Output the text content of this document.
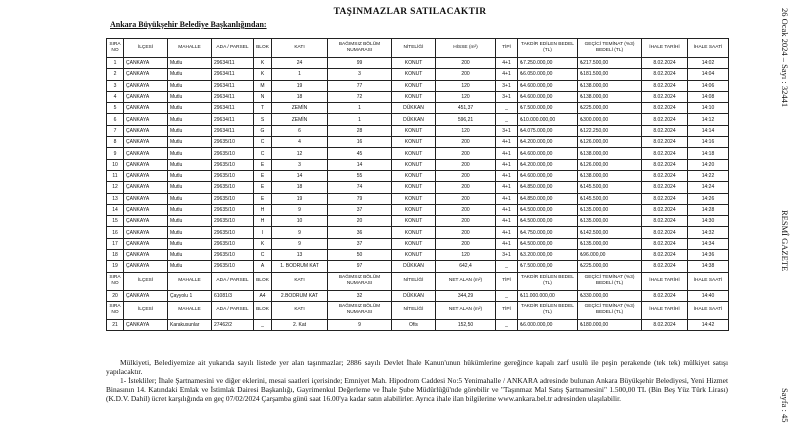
TAŞINMAZLAR SATILACAKTIR
Ankara Büyükşehir Belediye Başkanlığından:
SIRA NO	İLÇESİ	MAHALLE	ADA / PARSEL	BLOK	KATI	BAĞIMSIZ BÖLÜM NUMARASI	NİTELİĞİ	HİSSE (m²)	TİPİ	TAKDİR EDİLEN BEDEL (TL)	GEÇİCİ TEMİNAT (%3) BEDELİ (TL)	İHALE TARİHİ	İHALE SAATİ
1	ÇANKAYA	Mutlu	29634/11	K	24	99	KONUT	200	4+1	₺7.250.000,00	₺217.500,00	8.02.2024	14:02
2	ÇANKAYA	Mutlu	29634/11	K	1	3	KONUT	200	4+1	₺6.050.000,00	₺181.500,00	8.02.2024	14:04
3	ÇANKAYA	Mutlu	29634/11	M	19	77	KONUT	120	3+1	₺4.600.000,00	₺138.000,00	8.02.2024	14:06
4	ÇANKAYA	Mutlu	29634/11	N	18	72	KONUT	120	3+1	₺4.600.000,00	₺138.000,00	8.02.2024	14:08
5	ÇANKAYA	Mutlu	29634/11	T	ZEMİN	1	DÜKKAN	451,37	_	₺7.500.000,00	₺225.000,00	8.02.2024	14:10
6	ÇANKAYA	Mutlu	29634/11	S	ZEMİN	1	DÜKKAN	596,21	_	₺10.000.000,00	₺300.000,00	8.02.2024	14:12
7	ÇANKAYA	Mutlu	29634/11	G	6	28	KONUT	120	3+1	₺4.075.000,00	₺122.250,00	8.02.2024	14:14
8	ÇANKAYA	Mutlu	29635/10	C	4	16	KONUT	200	4+1	₺4.200.000,00	₺126.000,00	8.02.2024	14:16
9	ÇANKAYA	Mutlu	29635/10	C	12	45	KONUT	200	4+1	₺4.600.000,00	₺138.000,00	8.02.2024	14:18
10	ÇANKAYA	Mutlu	29635/10	E	3	14	KONUT	200	4+1	₺4.200.000,00	₺126.000,00	8.02.2024	14:20
11	ÇANKAYA	Mutlu	29635/10	E	14	55	KONUT	200	4+1	₺4.600.000,00	₺138.000,00	8.02.2024	14:22
12	ÇANKAYA	Mutlu	29635/10	E	18	74	KONUT	200	4+1	₺4.850.000,00	₺145.500,00	8.02.2024	14:24
13	ÇANKAYA	Mutlu	29635/10	E	19	79	KONUT	200	4+1	₺4.850.000,00	₺145.500,00	8.02.2024	14:26
14	ÇANKAYA	Mutlu	29635/10	H	9	37	KONUT	200	4+1	₺4.500.000,00	₺135.000,00	8.02.2024	14:28
15	ÇANKAYA	Mutlu	29635/10	H	10	20	KONUT	200	4+1	₺4.500.000,00	₺135.000,00	8.02.2024	14:30
16	ÇANKAYA	Mutlu	29635/10	I	9	36	KONUT	200	4+1	₺4.750.000,00	₺142.500,00	8.02.2024	14:32
17	ÇANKAYA	Mutlu	29635/10	K	9	37	KONUT	200	4+1	₺4.500.000,00	₺135.000,00	8.02.2024	14:34
18	ÇANKAYA	Mutlu	29635/10	C	13	50	KONUT	120	3+1	₺3.200.000,00	₺96.000,00	8.02.2024	14:36
19	ÇANKAYA	Mutlu	29635/10	A	1. BODRUM KAT	97	DÜKKAN	642,4	_	₺7.500.000,00	₺225.000,00	8.02.2024	14:38
SIRA NO	İLÇESİ	MAHALLE	ADA / PARSEL	BLOK	KATI	BAĞIMSIZ BÖLÜM NUMARASI	NİTELİĞİ	NET ALAN (m²)	TİPİ	TAKDİR EDİLEN BEDEL (TL)	GEÇİCİ TEMİNAT (%3) BEDELİ (TL)	İHALE TARİHİ	İHALE SAATİ
20	ÇANKAYA	Çayyolu 1	61081/3	A4	2.BODRUM KAT	32	DÜKKAN	344,29	_	₺11.000.000,00	₺330.000,00	8.02.2024	14:40
SIRA NO	İLÇESİ	MAHALLE	ADA / PARSEL	BLOK	KATI	BAĞIMSIZ BÖLÜM NUMARASI	NİTELİĞİ	NET ALAN (m²)	TİPİ	TAKDİR EDİLEN BEDEL (TL)	GEÇİCİ TEMİNAT (%3) BEDELİ (TL)	İHALE TARİHİ	İHALE SAATİ
21	ÇANKAYA	Karakusunlar	27462/2	_	2. Kat	9	Ofis	152,50	_	₺6.000.000,00	₺180.000,00	8.02.2024	14:42

Mülkiyeti, Belediyemize ait yukarıda sayılı listede yer alan taşınmazlar; 2886 sayılı Devlet İhale Kanun'unun hükümlerine gereğince kapalı zarf usulü ile peşin perakende (tek tek) mülkiyet satışı yapılacaktır.

1- İstekliler; İhale Şartnamesini ve diğer eklerini, mesai saatleri içerisinde; Emniyet Mah. Hipodrom Caddesi No:5 Yenimahalle / ANKARA adresinde bulunan Ankara Büyükşehir Belediyesi, Yeni Hizmet Binasının 14. Katındaki Emlak ve İstimlak Dairesi Başkanlığı, Gayrimenkul Değerleme ve İhale Şube Müdürlüğü'nde görebilir ve "Taşınmaz Mal Satış Şartnamesini" 1.500,00 TL (Bin Beş Yüz Türk Lirası) (K.D.V. Dahil) ücret karşılığında en geç 07/02/2024 Çarşamba günü saat 16.00'ya kadar satın alabilirler. Ayrıca ihale ilan bilgilerine www.ankara.bel.tr adresinden ulaşılabilir.

26 Ocak 2024 – Sayı : 32441
RESMÎ GAZETE
Sayfa : 45
